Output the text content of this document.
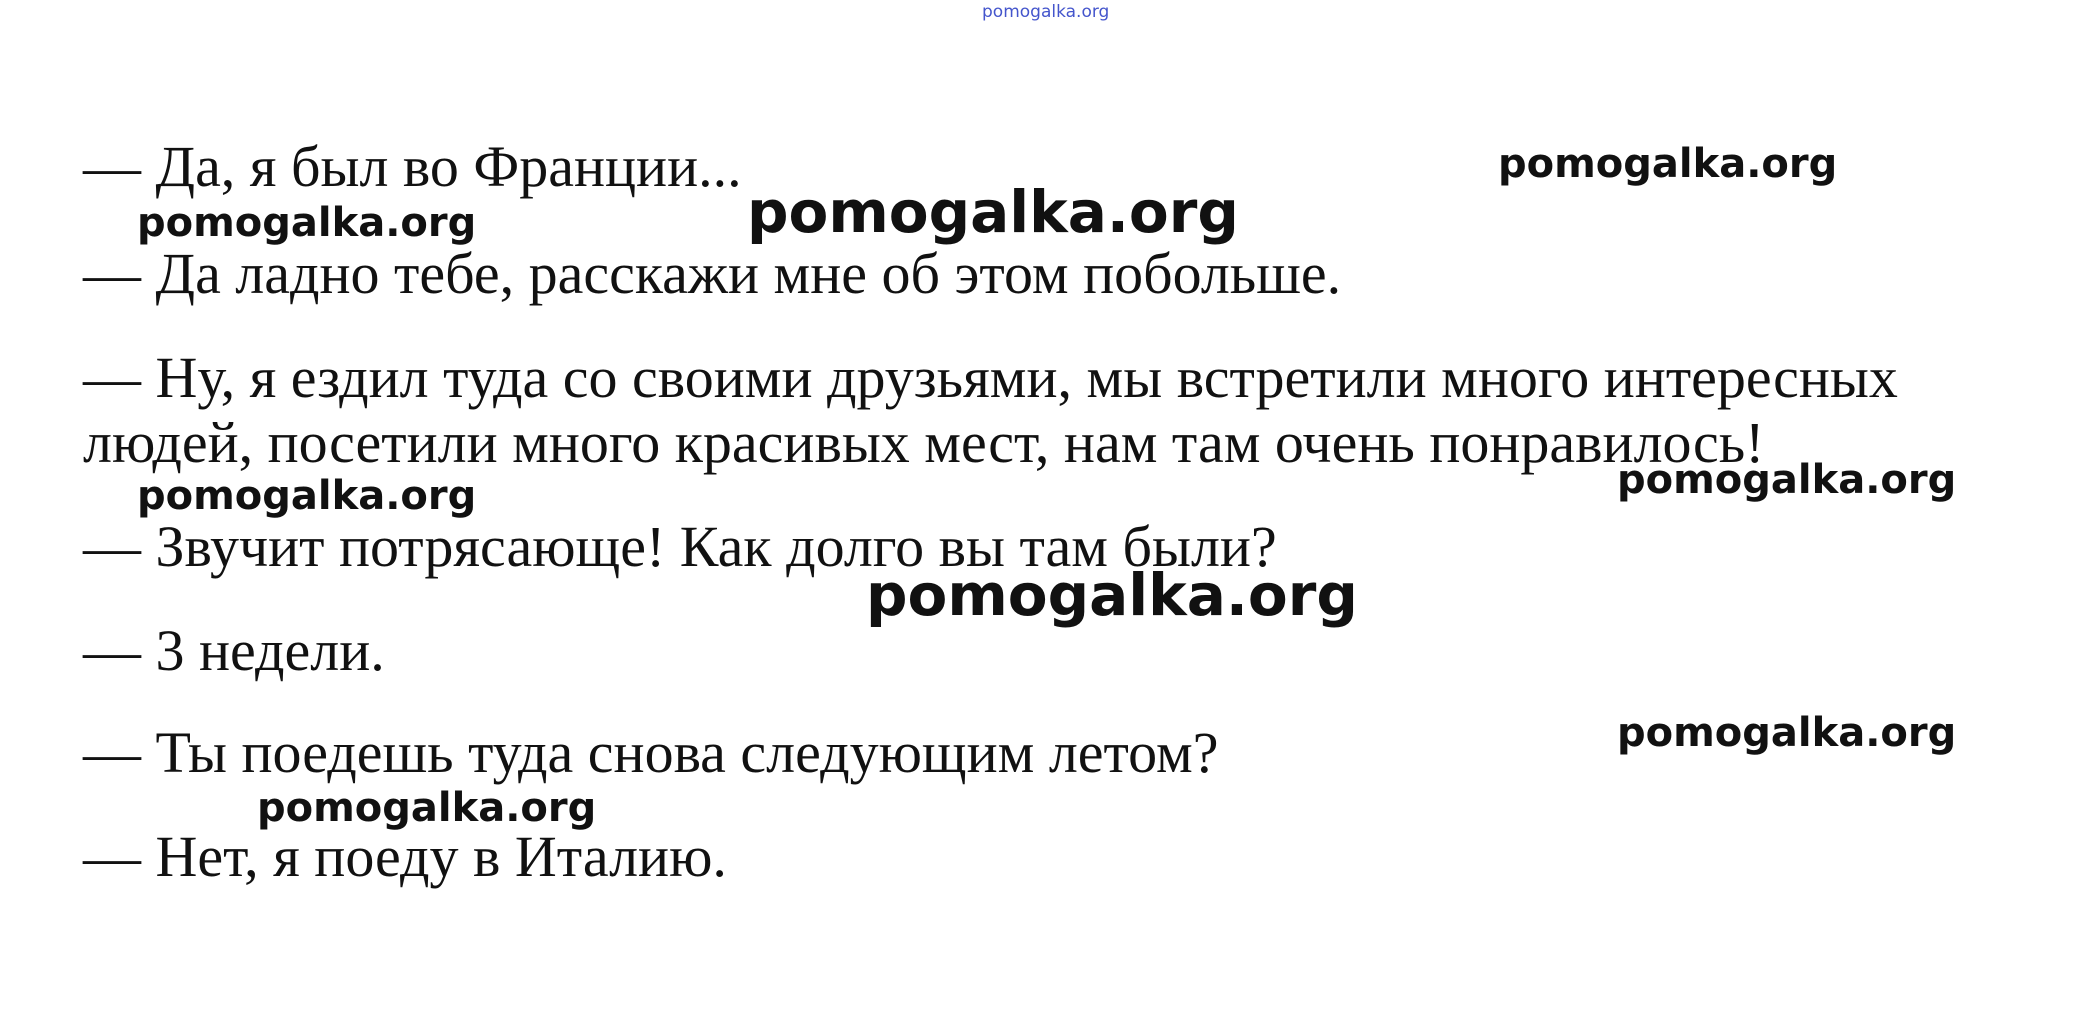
pomogalka.org

— Да, я был во Франции...

— Да ладно тебе, расскажи мне об этом побольше.

— Ну, я ездил туда со своими друзьями, мы встретили много интересных

людей, посетили много красивых мест, нам там очень понравилось!

— Звучит потрясающе! Как долго вы там были?

— 3 недели.

— Ты поедешь туда снова следующим летом?

— Нет, я поеду в Италию.

pomogalka.org
pomogalka.org	pomogalka.org
pomogalka.org
pomogalka.org
pomogalka.org
pomogalka.org
pomogalka.org
